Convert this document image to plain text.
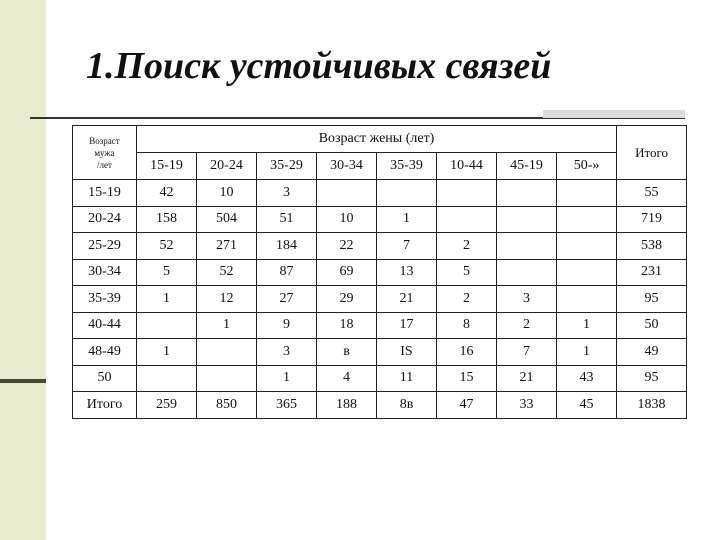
1.Поиск устойчивых связей
Возраст
мужа
/лет	Возраст жены (лет)								Итого
	15-19	20-24	35-29	30-34	35-39	10-44	45-19	50-»	
15-19	42	10	3						55
20-24	158	504	51	10	1				719
25-29	52	271	184	22	7	2			538
30-34	5	52	87	69	13	5			231
35-39	1	12	27	29	21	2	3		95
40-44		1	9	18	17	8	2	1	50
48-49	1		3	в	IS	16	7	1	49
50			1	4	11	15	21	43	95
Итого	259	850	365	188	8в	47	33	45	1838
